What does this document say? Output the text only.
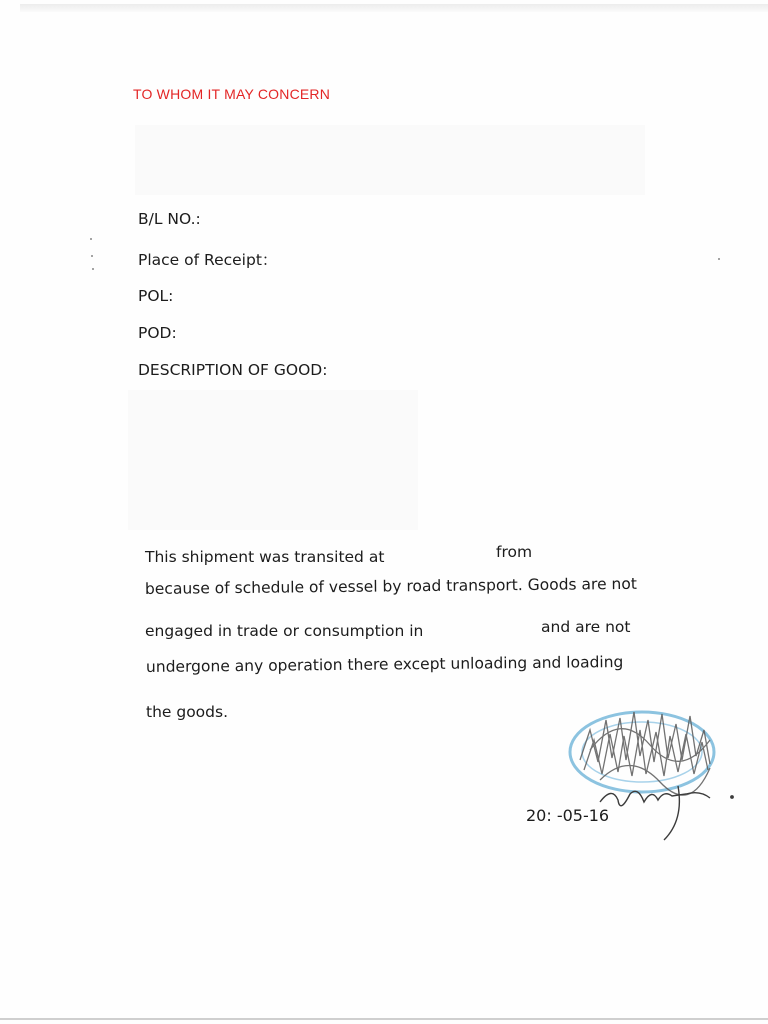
TO WHOM IT MAY CONCERN
B/L NO.:
Place of Receipt：
POL:
POD:
DESCRIPTION OF GOOD:
This shipment was transited at	from
because of schedule of vessel by road transport. Goods are not
engaged in trade or consumption in	and are not
undergone any operation there except unloading and loading
the goods.
20: -05-16
